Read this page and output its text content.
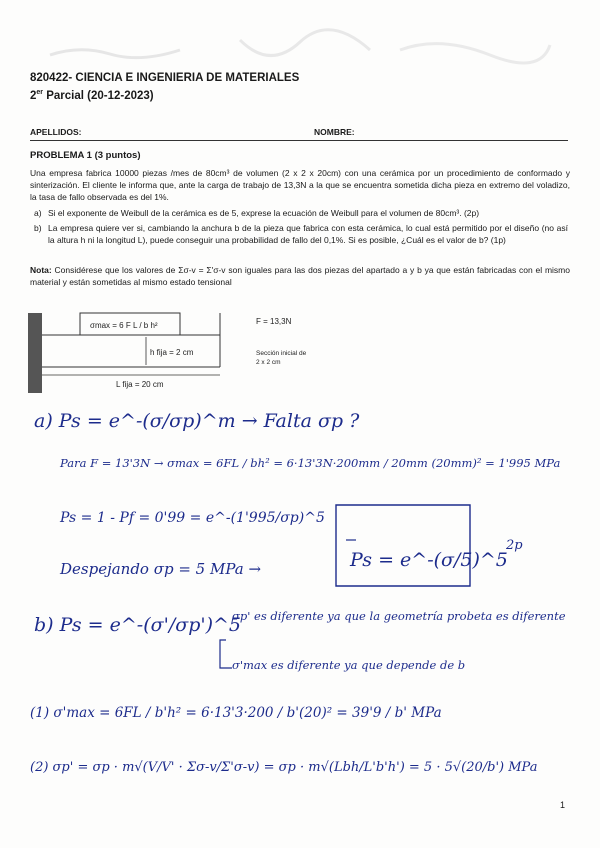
820422- CIENCIA E INGENIERIA DE MATERIALES
2er Parcial (20-12-2023)
APELLIDOS:	NOMBRE:
PROBLEMA 1 (3 puntos)
Una empresa fabrica 10000 piezas /mes de 80cm³ de volumen (2 x 2 x 20cm) con una cerámica por un procedimiento de conformado y sinterización. El cliente le informa que, ante la carga de trabajo de 13,3N a la que se encuentra sometida dicha pieza en extremo del voladizo, la tasa de fallo observada es del 1%.
a) Si el exponente de Weibull de la cerámica es de 5, exprese la ecuación de Weibull para el volumen de 80cm³. (2p)
b) La empresa quiere ver si, cambiando la anchura b de la pieza que fabrica con esta cerámica, lo cual está permitido por el diseño (no así la altura h ni la longitud L), puede conseguir una probabilidad de fallo del 0,1%. Si es posible, ¿Cuál es el valor de b? (1p)
Nota: Considérese que los valores de Σσ-v = Σ'σ-v son iguales para las dos piezas del apartado a y b ya que están fabricadas con el mismo material y están sometidas al mismo estado tensional
σmax = 6 F L / b h²	F = 13,3N
h fija = 2 cm	Sección inicial de
2 x 2 cm
L fija = 20 cm
a) Ps = e^-(σ/σp)^m → Falta σp ?
Para F = 13'3N → σmax = 6FL / bh² = 6·13'3N·200mm / 20mm (20mm)² = 1'995 MPa
Ps = 1 - Pf = 0'99 = e^-(1'995/σp)^5
Despejando σp = 5 MPa →	Ps = e^-(σ/5)^5
2p
b) Ps = e^-(σ'/σp')^5
σp' es diferente ya que la geometría probeta es diferente
σ'max es diferente ya que depende de b
(1) σ'max = 6FL / b'h² = 6·13'3·200 / b'(20)² = 39'9 / b' MPa
(2) σp' = σp · m√(V/V' · Σσ-v/Σ'σ-v) = σp · m√(Lbh/L'b'h') = 5 · 5√(20/b') MPa
1
